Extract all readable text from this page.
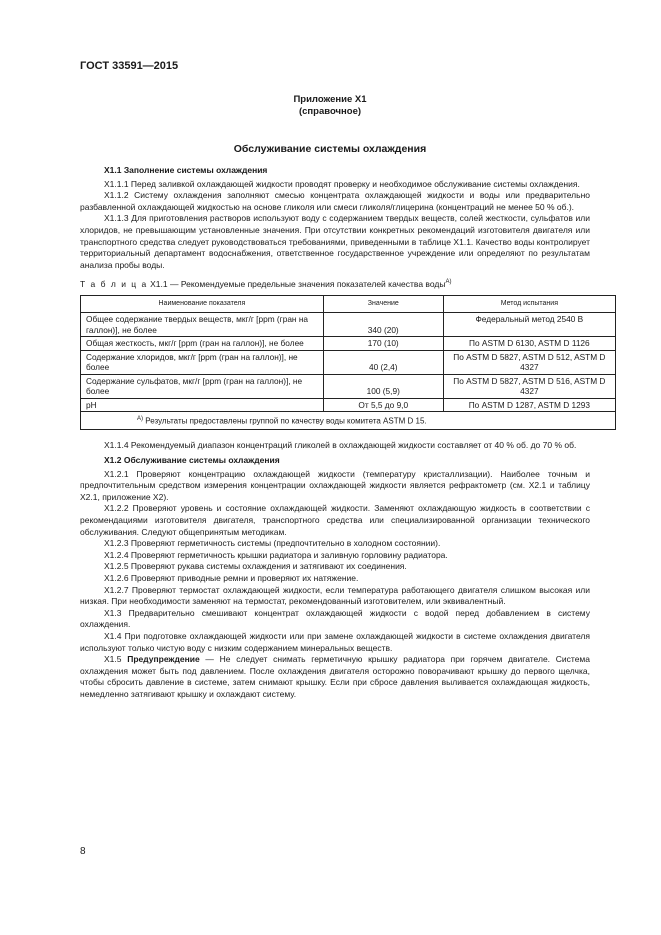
ГОСТ 33591—2015
Приложение Х1
(справочное)
Обслуживание системы охлаждения
Х1.1 Заполнение системы охлаждения

Х1.1.1 Перед заливкой охлаждающей жидкости проводят проверку и необходимое обслуживание системы охлаждения.

Х1.1.2 Систему охлаждения заполняют смесью концентрата охлаждающей жидкости и воды или предварительно разбавленной охлаждающей жидкостью на основе гликоля или смеси гликоля/глицерина (концентраций не менее 50 % об.).

Х1.1.3 Для приготовления растворов используют воду с содержанием твердых веществ, солей жесткости, сульфатов или хлоридов, не превышающим установленные значения. При отсутствии конкретных рекомендаций изготовителя двигателя или транспортного средства следует руководствоваться требованиями, приведенными в таблице Х1.1. Качество воды контролирует территориальный департамент водоснабжения, ответственное государственное учреждение или определяют по результатам анализа пробы воды.

Т а б л и ц а Х1.1 — Рекомендуемые предельные значения показателей качества воды$^{А)}$
Наименование показателя	Значение	Метод испытания
Общее содержание твердых веществ, мкг/г [ppm (гран на галлон)], не более	340 (20)	Федеральный метод 2540 В
Общая жесткость, мкг/г [ppm (гран на галлон)], не более	170 (10)	По ASTM D 6130, ASTM D 1126
Содержание хлоридов, мкг/г [ppm (гран на галлон)], не более	40 (2,4)	По ASTM D 5827, ASTM D 512, ASTM D 4327
Содержание сульфатов, мкг/г [ppm (гран на галлон)], не более	100 (5,9)	По ASTM D 5827, ASTM D 516, ASTM D 4327
pH	От 5,5 до 9,0	По ASTM D 1287, ASTM D 1293
$^{А)}$ Результаты предоставлены группой по качеству воды комитета ASTM D 15.		

Х1.1.4 Рекомендуемый диапазон концентраций гликолей в охлаждающей жидкости составляет от 40 % об. до 70 % об.

Х1.2 Обслуживание системы охлаждения

Х1.2.1 Проверяют концентрацию охлаждающей жидкости (температуру кристаллизации). Наиболее точным и предпочтительным средством измерения концентрации охлаждающей жидкости является рефрактометр (см. Х2.1 и таблицу Х2.1, приложение Х2).

Х1.2.2 Проверяют уровень и состояние охлаждающей жидкости. Заменяют охлаждающую жидкость в соответствии с рекомендациями изготовителя двигателя, транспортного средства или специализированной организации технического обслуживания. Следуют общепринятым методикам.

Х1.2.3 Проверяют герметичность системы (предпочтительно в холодном состоянии).

Х1.2.4 Проверяют герметичность крышки радиатора и заливную горловину радиатора.

Х1.2.5 Проверяют рукава системы охлаждения и затягивают их соединения.

Х1.2.6 Проверяют приводные ремни и проверяют их натяжение.

Х1.2.7 Проверяют термостат охлаждающей жидкости, если температура работающего двигателя слишком высокая или низкая. При необходимости заменяют на термостат, рекомендованный изготовителем, или эквивалентный.

Х1.3 Предварительно смешивают концентрат охлаждающей жидкости с водой перед добавлением в систему охлаждения.

Х1.4 При подготовке охлаждающей жидкости или при замене охлаждающей жидкости в системе охлаждения двигателя используют только чистую воду с низким содержанием минеральных веществ.

Х1.5 Предупреждение — Не следует снимать герметичную крышку радиатора при горячем двигателе. Система охлаждения может быть под давлением. После охлаждения двигателя осторожно поворачивают крышку до первого щелчка, чтобы сбросить давление в системе, затем снимают крышку. Если при сбросе давления выливается охлаждающая жидкость, немедленно затягивают крышку и охлаждают систему.

8
